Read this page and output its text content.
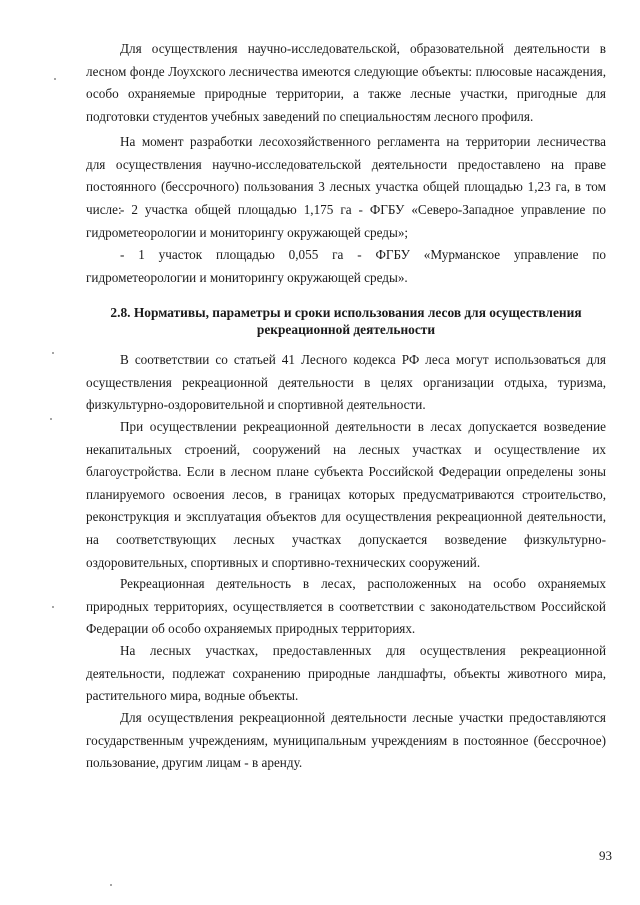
Для осуществления научно-исследовательской, образовательной деятельности в лесном фонде Лоухского лесничества имеются следующие объекты: плюсовые насаждения, особо охраняемые природные территории, а также лесные участки, пригодные для подготовки студентов учебных заведений по специальностям лесного профиля.

На момент разработки лесохозяйственного регламента на территории лесничества для осуществления научно-исследовательской деятельности предоставлено на праве постоянного (бессрочного) пользования 3 лесных участка общей площадью 1,23 га, в том числе:

- 2 участка общей площадью 1,175 га - ФГБУ «Северо-Западное управление по гидрометеорологии и мониторингу окружающей среды»;

- 1 участок площадью 0,055 га - ФГБУ «Мурманское управление по гидрометеорологии и мониторингу окружающей среды».

2.8. Нормативы, параметры и сроки использования лесов для осуществления

рекреационной деятельности

В соответствии со статьей 41 Лесного кодекса РФ леса могут использоваться для осуществления рекреационной деятельности в целях организации отдыха, туризма, физкультурно-оздоровительной и спортивной деятельности.

При осуществлении рекреационной деятельности в лесах допускается возведение некапитальных строений, сооружений на лесных участках и осуществление их благоустройства. Если в лесном плане субъекта Российской Федерации определены зоны планируемого освоения лесов, в границах которых предусматриваются строительство, реконструкция и эксплуатация объектов для осуществления рекреационной деятельности, на соответствующих лесных участках допускается возведение физкультурно-оздоровительных, спортивных и спортивно-технических сооружений.

Рекреационная деятельность в лесах, расположенных на особо охраняемых природных территориях, осуществляется в соответствии с законодательством Российской Федерации об особо охраняемых природных территориях.

На лесных участках, предоставленных для осуществления рекреационной деятельности, подлежат сохранению природные ландшафты, объекты животного мира, растительного мира, водные объекты.

Для осуществления рекреационной деятельности лесные участки предоставляются государственным учреждениям, муниципальным учреждениям в постоянное (бессрочное) пользование, другим лицам - в аренду.

93
